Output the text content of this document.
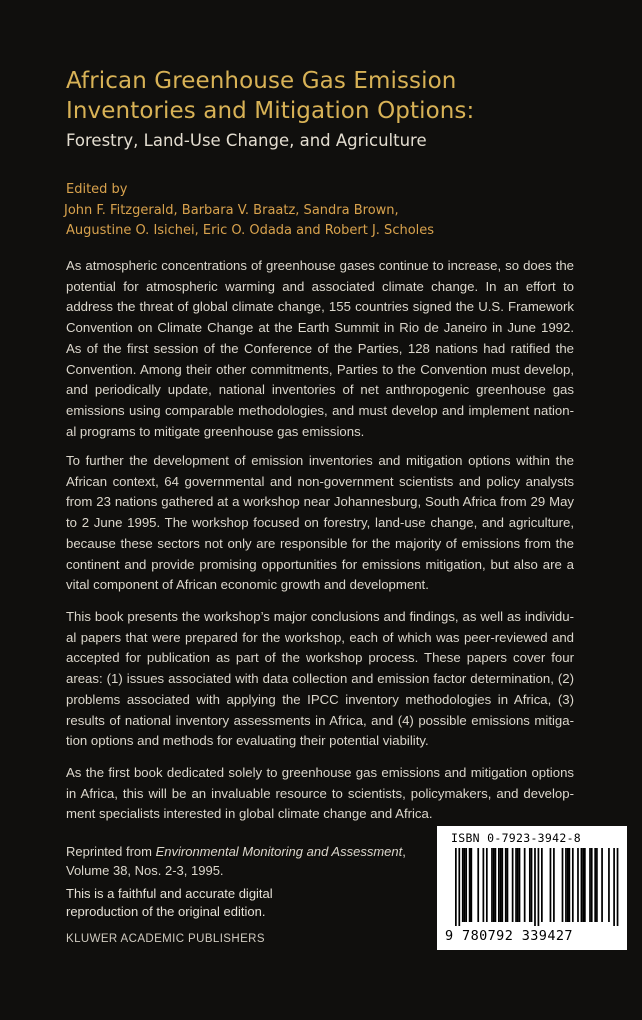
African Greenhouse Gas Emission
Inventories and Mitigation Options:
Forestry, Land-Use Change, and Agriculture
Edited by
John F. Fitzgerald, Barbara V. Braatz, Sandra Brown,
Augustine O. Isichei, Eric O. Odada and Robert J. Scholes
As atmospheric concentrations of greenhouse gases continue to increase, so does the
potential for atmospheric warming and associated climate change. In an effort to
address the threat of global climate change, 155 countries signed the U.S. Framework
Convention on Climate Change at the Earth Summit in Rio de Janeiro in June 1992.
As of the first session of the Conference of the Parties, 128 nations had ratified the
Convention. Among their other commitments, Parties to the Convention must develop,
and periodically update, national inventories of net anthropogenic greenhouse gas
emissions using comparable methodologies, and must develop and implement nation-
al programs to mitigate greenhouse gas emissions.
To further the development of emission inventories and mitigation options within the
African context, 64 governmental and non-government scientists and policy analysts
from 23 nations gathered at a workshop near Johannesburg, South Africa from 29 May
to 2 June 1995. The workshop focused on forestry, land-use change, and agriculture,
because these sectors not only are responsible for the majority of emissions from the
continent and provide promising opportunities for emissions mitigation, but also are a
vital component of African economic growth and development.
This book presents the workshop’s major conclusions and findings, as well as individu-
al papers that were prepared for the workshop, each of which was peer-reviewed and
accepted for publication as part of the workshop process. These papers cover four
areas: (1) issues associated with data collection and emission factor determination, (2)
problems associated with applying the IPCC inventory methodologies in Africa, (3)
results of national inventory assessments in Africa, and (4) possible emissions mitiga-
tion options and methods for evaluating their potential viability.
As the first book dedicated solely to greenhouse gas emissions and mitigation options
in Africa, this will be an invaluable resource to scientists, policymakers, and develop-
ment specialists interested in global climate change and Africa.
Reprinted from Environmental Monitoring and Assessment,
Volume 38, Nos. 2-3, 1995.
This is a faithful and accurate digital
reproduction of the original edition.
KLUWER ACADEMIC PUBLISHERS
ISBN 0-7923-3942-8
9 780792 339427
